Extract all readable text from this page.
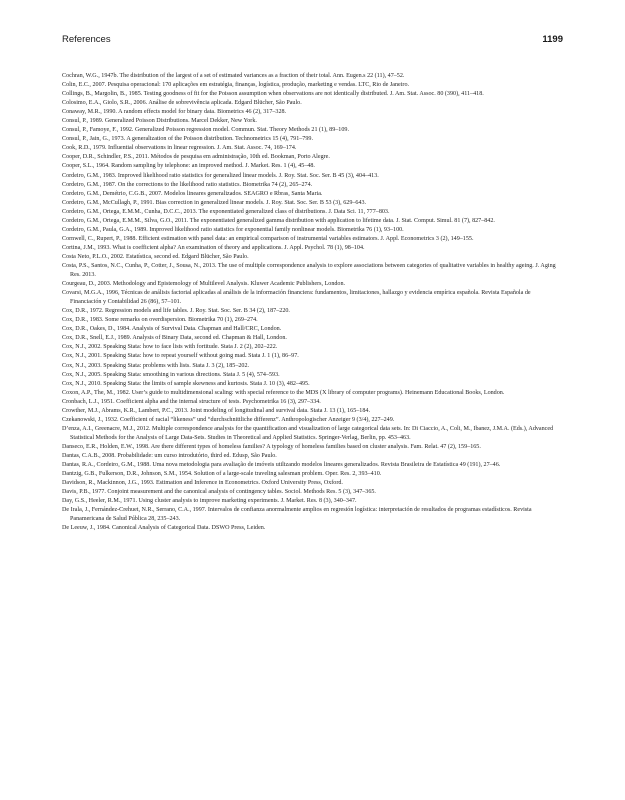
References	1199

Cochran, W.G., 1947b. The distribution of the largest of a set of estimated variances as a fraction of their total. Ann. Eugen.s 22 (11), 47–52.

Colin, E.C., 2007. Pesquisa operacional: 170 aplicações em estratégia, finanças, logística, produção, marketing e vendas. LTC, Rio de Janeiro.

Collings, B., Margolin, B., 1985. Testing goodness of fit for the Poisson assumption when observations are not identically distributed. J. Am. Stat. Assoc. 80 (390), 411–418.

Colosimo, E.A., Giolo, S.R., 2006. Análise de sobrevivência aplicada. Edgard Blücher, São Paulo.

Conaway, M.R., 1990. A random effects model for binary data. Biometrics 46 (2), 317–328.

Consul, P., 1989. Generalized Poisson Distributions. Marcel Dekker, New York.

Consul, P., Famoye, F., 1992. Generalized Poisson regression model. Commun. Stat. Theory Methods 21 (1), 89–109.

Consul, P., Jain, G., 1973. A generalization of the Poisson distribution. Technometrics 15 (4), 791–799.

Cook, R.D., 1979. Influential observations in linear regression. J. Am. Stat. Assoc. 74, 169–174.

Cooper, D.R., Schindler, P.S., 2011. Métodos de pesquisa em administração, 10th ed. Bookman, Porto Alegre.

Cooper, S.L., 1964. Random sampling by telephone: an improved method. J. Market. Res. 1 (4), 45–48.

Cordeiro, G.M., 1983. Improved likelihood ratio statistics for generalized linear models. J. Roy. Stat. Soc. Ser. B 45 (3), 404–413.

Cordeiro, G.M., 1987. On the corrections to the likelihood ratio statistics. Biometrika 74 (2), 265–274.

Cordeiro, G.M., Demétrio, C.G.B., 2007. Modelos lineares generalizados. SEAGRO e Rbras, Santa Maria.

Cordeiro, G.M., McCullagh, P., 1991. Bias correction in generalized linear models. J. Roy. Stat. Soc. Ser. B 53 (3), 629–643.

Cordeiro, G.M., Ortega, E.M.M., Cunha, D.C.C., 2013. The exponentiated generalized class of distributions. J. Data Sci. 11, 777–803.

Cordeiro, G.M., Ortega, E.M.M., Silva, G.O., 2011. The exponentiated generalized gamma distribution with application to lifetime data. J. Stat. Comput. Simul. 81 (7), 827–842.

Cordeiro, G.M., Paula, G.A., 1989. Improved likelihood ratio statistics for exponential family nonlinear models. Biometrika 76 (1), 93–100.

Cornwell, C., Rupert, P., 1988. Efficient estimation with panel data: an empirical comparison of instrumental variables estimators. J. Appl. Econometrics 3 (2), 149–155.

Cortina, J.M., 1993. What is coefficient alpha? An examination of theory and applications. J. Appl. Psychol. 78 (1), 98–104.

Costa Neto, P.L.O., 2002. Estatística, second ed. Edgard Blücher, São Paulo.

Costa, P.S., Santos, N.C., Cunha, P., Cotter, J., Sousa, N., 2013. The use of multiple correspondence analysis to explore associations between categories of qualitative variables in healthy ageing. J. Aging Res. 2013.

Courgeau, D., 2003. Methodology and Epistemology of Multilevel Analysis. Kluwer Academic Publishers, London.

Covarsi, M.G.A., 1996, Técnicas de análisis factorial aplicadas al análisis de la información financiera: fundamentos, limitaciones, hallazgo y evidencia empírica española. Revista Española de Financiación y Contabilidad 26 (86), 57–101.

Cox, D.R., 1972. Regression models and life tables. J. Roy. Stat. Soc. Ser. B 34 (2), 187–220.

Cox, D.R., 1983. Some remarks on overdispersion. Biometrika 70 (1), 269–274.

Cox, D.R., Oakes, D., 1984. Analysis of Survival Data. Chapman and Hall/CRC, London.

Cox, D.R., Snell, E.J., 1989. Analysis of Binary Data, second ed. Chapman & Hall, London.

Cox, N.J., 2002. Speaking Stata: how to face lists with fortitude. Stata J. 2 (2), 202–222.

Cox, N.J., 2001. Speaking Stata: how to repeat yourself without going mad. Stata J. 1 (1), 86–97.

Cox, N.J., 2003. Speaking Stata: problems with lists. Stata J. 3 (2), 185–202.

Cox, N.J., 2005. Speaking Stata: smoothing in various directions. Stata J. 5 (4), 574–593.

Cox, N.J., 2010. Speaking Stata: the limits of sample skewness and kurtosis. Stata J. 10 (3), 482–495.

Coxon, A.P., The, M., 1982. User’s guide to multidimensional scaling: with special reference to the MDS (X library of computer programs). Heinemann Educational Books, London.

Cronbach, L.J., 1951. Coefficient alpha and the internal structure of tests. Psychometrika 16 (3), 297–334.

Crowther, M.J., Abrams, K.R., Lambert, P.C., 2013. Joint modeling of longitudinal and survival data. Stata J. 13 (1), 165–184.

Czekanowski, J., 1932. Coefficient of racial “likeness” und “durchschnittliche differenz”. Anthropologischer Anzeiger 9 (3/4), 227–249.

D’enza, A.I., Greenacre, M.J., 2012. Multiple correspondence analysis for the quantification and visualization of large categorical data sets. In: Di Ciaccio, A., Coli, M., Ibanez, J.M.A. (Eds.), Advanced Statistical Methods for the Analysis of Large Data-Sets. Studies in Theoretical and Applied Statistics. Springer-Verlag, Berlin, pp. 453–463.

Danseco, E.R., Holden, E.W., 1998. Are there different types of homeless families? A typology of homeless families based on cluster analysis. Fam. Relat. 47 (2), 159–165.

Dantas, C.A.B., 2008. Probabilidade: um curso introdutório, third ed. Edusp, São Paulo.

Dantas, R.A., Cordeiro, G.M., 1988. Uma nova metodologia para avaliação de imóveis utilizando modelos lineares generalizados. Revista Brasileira de Estatística 49 (191), 27–46.

Dantzig, G.B., Fulkerson, D.R., Johnson, S.M., 1954. Solution of a large-scale traveling salesman problem. Oper. Res. 2, 393–410.

Davidson, R., Mackinnon, J.G., 1993. Estimation and Inference in Econometrics. Oxford University Press, Oxford.

Davis, P.B., 1977. Conjoint measurement and the canonical analysis of contingency tables. Sociol. Methods Res. 5 (3), 347–365.

Day, G.S., Heeler, R.M., 1971. Using cluster analysis to improve marketing experiments. J. Market. Res. 8 (3), 340–347.

De Irala, J., Fernández-Crehuet, N.R., Serrano, C.A., 1997. Intervalos de confianza anormalmente amplios en regresión logística: interpretación de resultados de programas estadísticos. Revista Panamericana de Salud Pública 28, 235–243.

De Leeuw, J., 1984. Canonical Analysis of Categorical Data. DSWO Press, Leiden.
